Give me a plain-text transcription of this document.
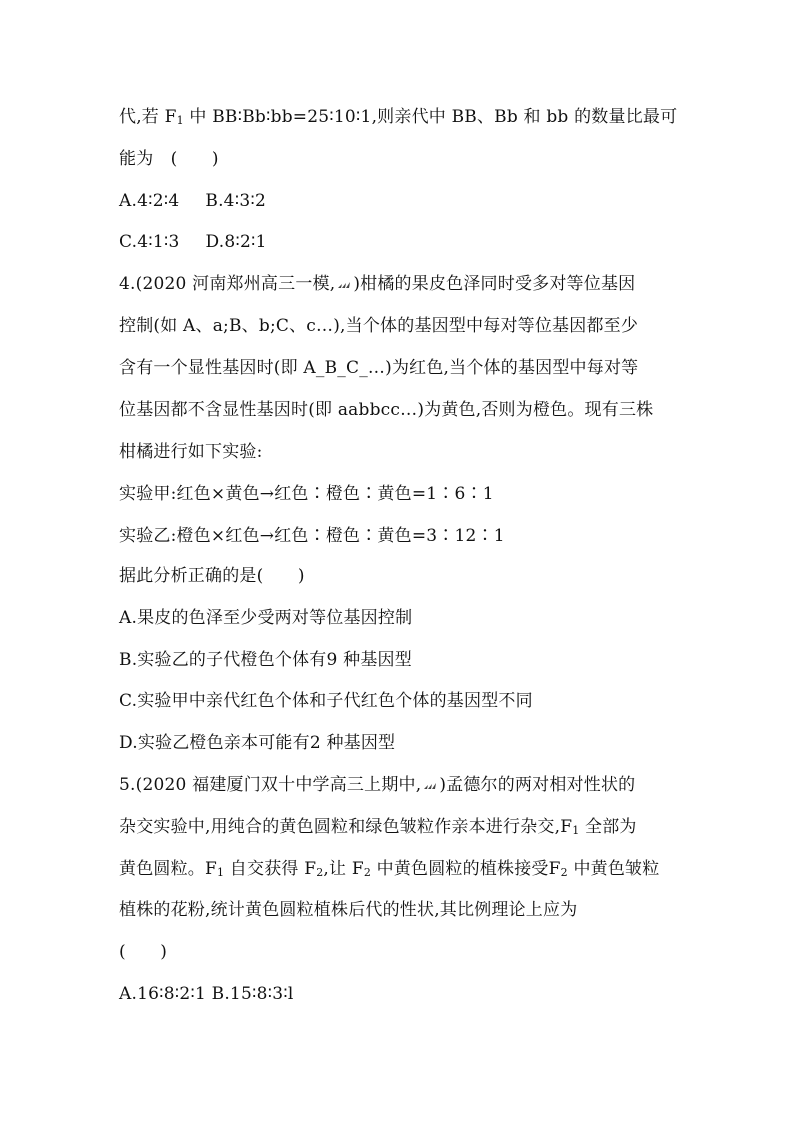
代,若 $F_1$ 中 BB∶Bb∶bb=25∶10∶1,则亲代中 BB、Bb 和 bb 的数量比最可
能为　(　　)
A.4∶2∶4 B.4∶3∶2
C.4∶1∶3 D.8∶2∶1
4.(2020 河南郑州高三一模, )柑橘的果皮色泽同时受多对等位基因
控制(如 A、a;B、b;C、c…),当个体的基因型中每对等位基因都至少
含有一个显性基因时(即 A_B_C_…)为红色,当个体的基因型中每对等
位基因都不含显性基因时(即 aabbcc…)为黄色,否则为橙色。现有三株
柑橘进行如下实验:
实验甲:红色×黄色→红色∶橙色∶黄色=1∶6∶1
实验乙:橙色×红色→红色∶橙色∶黄色=3∶12∶1
据此分析正确的是(　　)
A.果皮的色泽至少受两对等位基因控制
B.实验乙的子代橙色个体有9 种基因型
C.实验甲中亲代红色个体和子代红色个体的基因型不同
D.实验乙橙色亲本可能有2 种基因型
5.(2020 福建厦门双十中学高三上期中, )孟德尔的两对相对性状的
杂交实验中,用纯合的黄色圆粒和绿色皱粒作亲本进行杂交$,F_1$ 全部为
黄色圆粒。$F_1$ 自交获得 $F_2$,让 $F_2$ 中黄色圆粒的植株接受$F_2$ 中黄色皱粒
植株的花粉,统计黄色圆粒植株后代的性状,其比例理论上应为
(　　)
A.16∶8∶2∶1 B.15∶8∶3∶l
